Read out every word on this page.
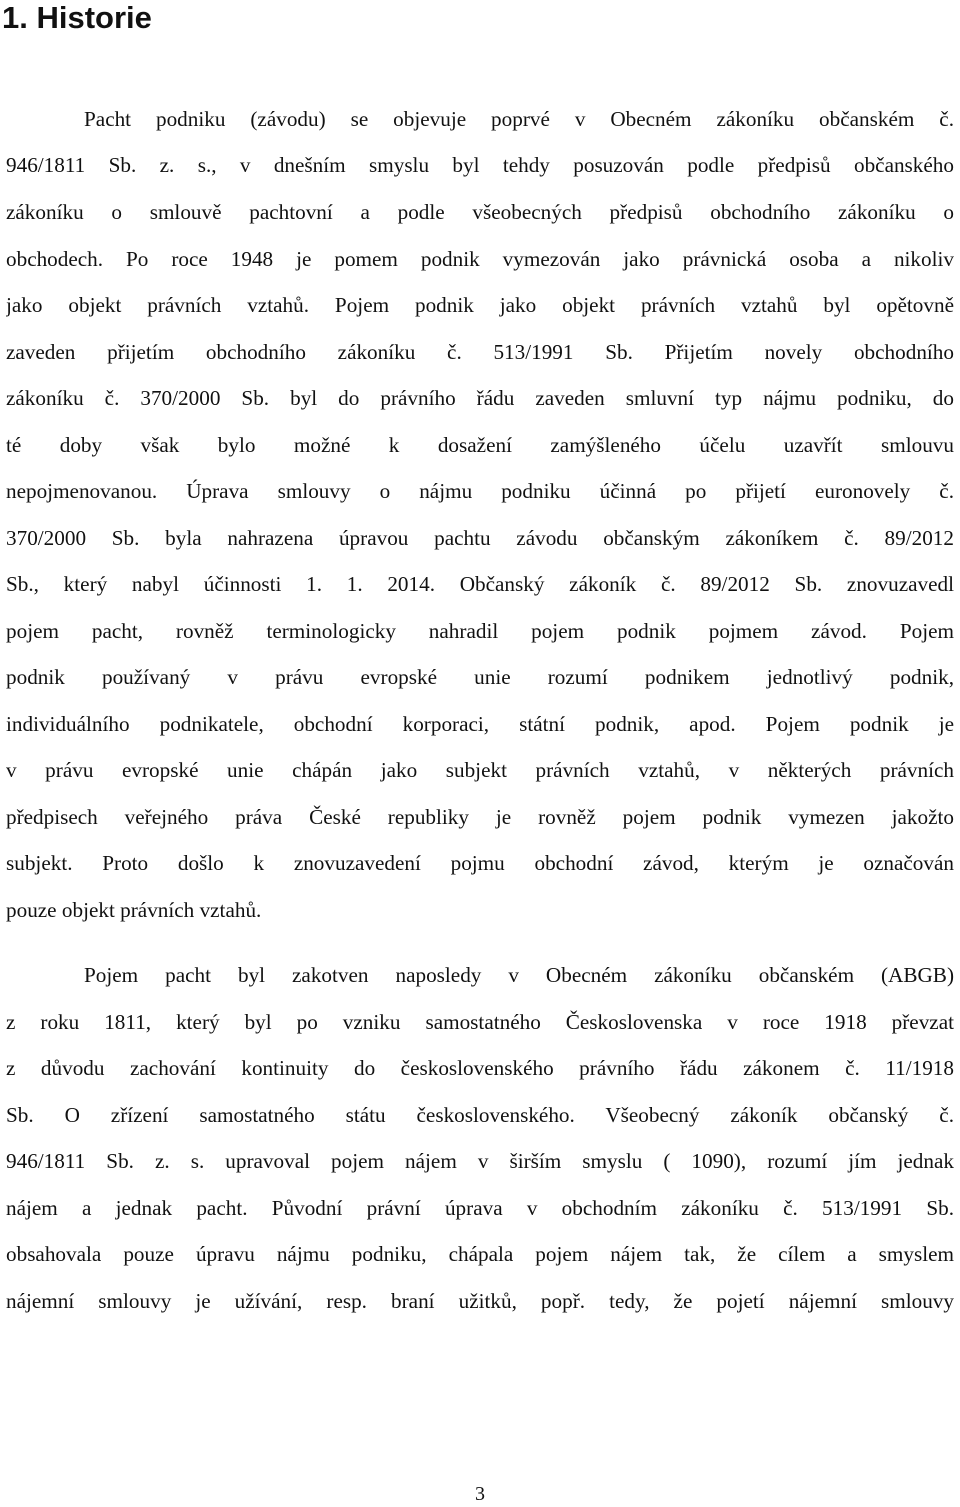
1. Historie

Pacht podniku (závodu) se objevuje poprvé v Obecném zákoníku občanském č.

946/1811 Sb. z. s., v dnešním smyslu byl tehdy posuzován podle předpisů občanského

zákoníku o smlouvě pachtovní a podle všeobecných předpisů obchodního zákoníku o

obchodech. Po roce 1948 je pomem podnik vymezován jako právnická osoba a nikoliv

jako objekt právních vztahů. Pojem podnik jako objekt právních vztahů byl opětovně

zaveden přijetím obchodního zákoníku č. 513/1991 Sb. Přijetím novely obchodního

zákoníku č. 370/2000 Sb. byl do právního řádu zaveden smluvní typ nájmu podniku, do

té doby však bylo možné k dosažení zamýšleného účelu uzavřít smlouvu

nepojmenovanou. Úprava smlouvy o nájmu podniku účinná po přijetí euronovely č.

370/2000 Sb. byla nahrazena úpravou pachtu závodu občanským zákoníkem č. 89/2012

Sb., který nabyl účinnosti 1. 1. 2014. Občanský zákoník č. 89/2012 Sb. znovuzavedl

pojem pacht, rovněž terminologicky nahradil pojem podnik pojmem závod. Pojem

podnik používaný v právu evropské unie rozumí podnikem jednotlivý podnik,

individuálního podnikatele, obchodní korporaci, státní podnik, apod. Pojem podnik je

v právu evropské unie chápán jako subjekt právních vztahů, v některých právních

předpisech veřejného práva České republiky je rovněž pojem podnik vymezen jakožto

subjekt. Proto došlo k znovuzavedení pojmu obchodní závod, kterým je označován

pouze objekt právních vztahů.

Pojem pacht byl zakotven naposledy v Obecném zákoníku občanském (ABGB)

z roku 1811, který byl po vzniku samostatného Československa v roce 1918 převzat

z důvodu zachování kontinuity do československého právního řádu zákonem č. 11/1918

Sb. O zřízení samostatného státu československého. Všeobecný zákoník občanský č.

946/1811 Sb. z. s. upravoval pojem nájem v širším smyslu ( 1090), rozumí jím jednak

nájem a jednak pacht. Původní právní úprava v obchodním zákoníku č. 513/1991 Sb.

obsahovala pouze úpravu nájmu podniku, chápala pojem nájem tak, že cílem a smyslem

nájemní smlouvy je užívání, resp. braní užitků, popř. tedy, že pojetí nájemní smlouvy

3
